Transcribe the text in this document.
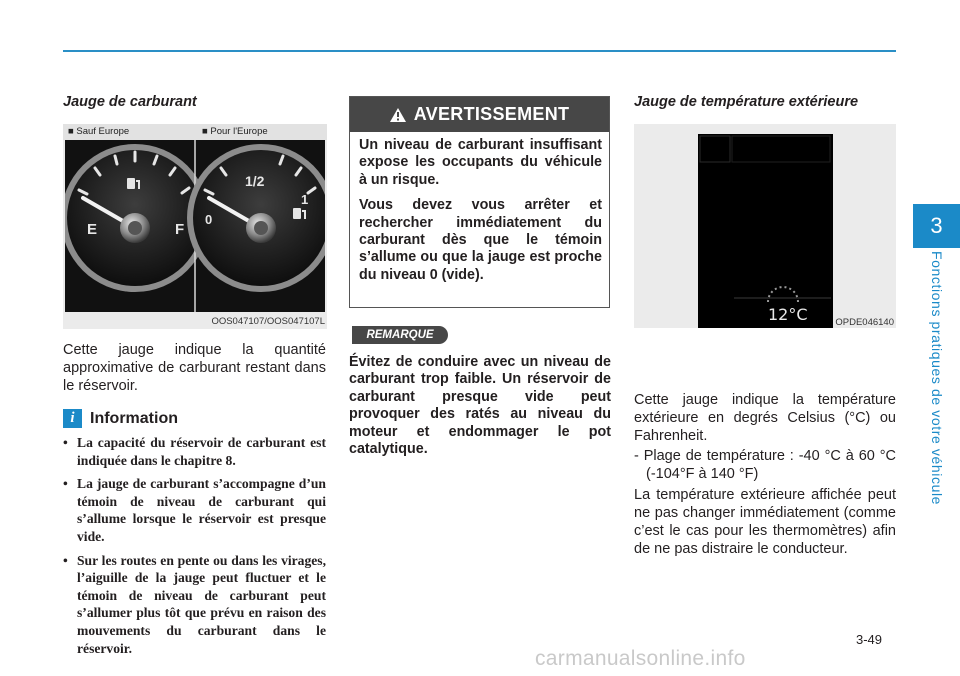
3
Fonctions pratiques de votre véhicule
Jauge de carburant
■ Sauf Europe	■ Pour l'Europe
E	F
0
1/2
1
OOS047107/OOS047107L
Cette jauge indique la quantité approximative de carburant restant dans le réservoir.
i Information
• La capacité du réservoir de carburant est indiquée dans le chapitre 8.
• La jauge de carburant s’accompagne d’un témoin de niveau de carburant qui s’allume lorsque le réservoir est presque vide.
• Sur les routes en pente ou dans les virages, l’aiguille de la jauge peut fluctuer et le témoin de niveau de carburant peut s’allumer plus tôt que prévu en raison des mouvements du carburant dans le réservoir.
AVERTISSEMENT

Un niveau de carburant insuffisant expose les occupants du véhicule à un risque.

Vous devez vous arrêter et rechercher immédiatement du carburant dès que le témoin s’allume ou que la jauge est proche du niveau 0 (vide).

REMARQUE
Évitez de conduire avec un niveau de carburant trop faible. Un réservoir de carburant presque vide peut provoquer des ratés au niveau du moteur et endommager le pot catalytique.
Jauge de température extérieure
12°C	OPDE046140
Cette jauge indique la température extérieure en degrés Celsius (°C) ou Fahrenheit.
- Plage de température : -40 °C à 60 °C (-104°F à 140 °F)
La température extérieure affichée peut ne pas changer immédiatement (comme c’est le cas pour les thermomètres) afin de ne pas distraire le conducteur.
3-49
carmanualsonline.info
